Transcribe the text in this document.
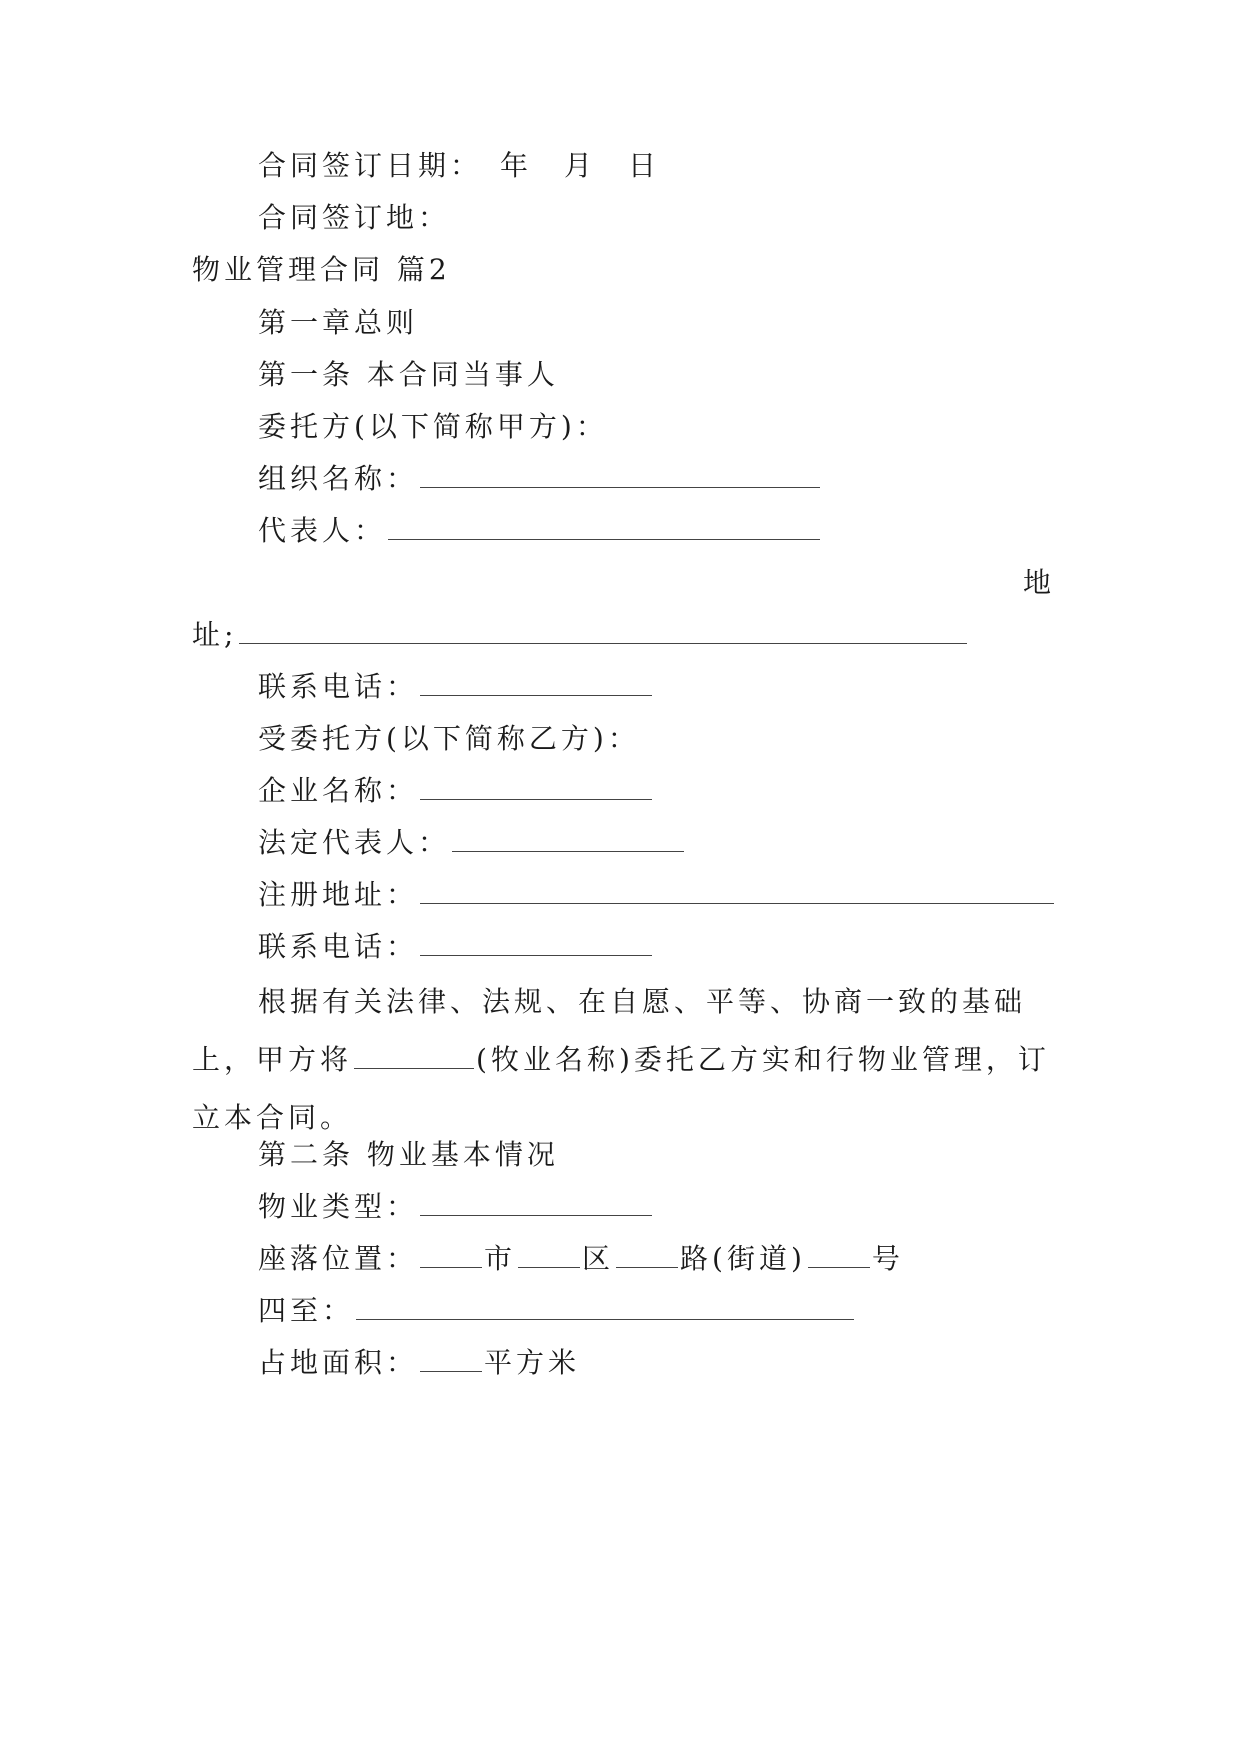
合同签订日期：　年　月　日
合同签订地：
物业管理合同 篇2
第一章总则
第一条 本合同当事人
委托方(以下简称甲方)：
组织名称：
代表人：
地
址;
联系电话：
受委托方(以下简称乙方)：
企业名称：
法定代表人：
注册地址：
联系电话：
根据有关法律、法规、在自愿、平等、协商一致的基础上，甲方将	(牧业名称)委托乙方实和行物业管理，订立本合同。
第二条 物业基本情况
物业类型：
座落位置： 市 区 路(街道) 号
四至：
占地面积： 平方米
